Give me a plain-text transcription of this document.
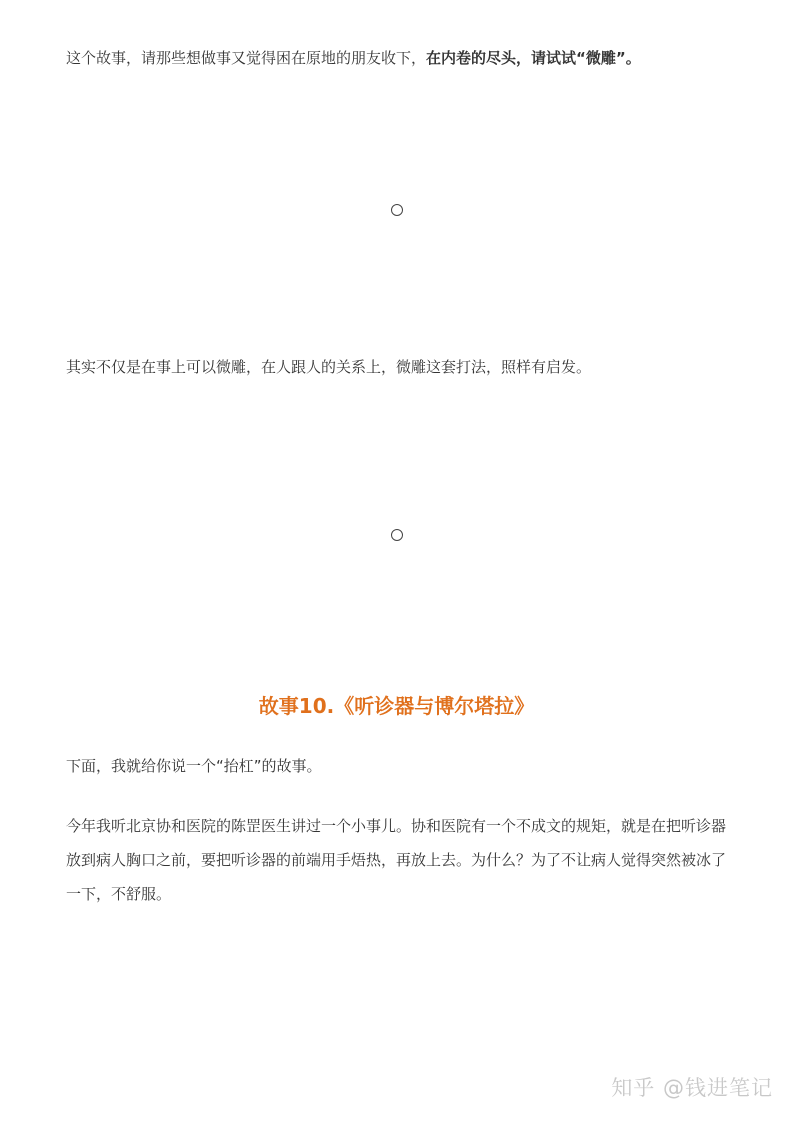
这个故事，请那些想做事又觉得困在原地的朋友收下，在内卷的尽头，请试试“微雕”。

其实不仅是在事上可以微雕，在人跟人的关系上，微雕这套打法，照样有启发。

故事10.《听诊器与博尔塔拉》

下面，我就给你说一个“抬杠”的故事。

今年我听北京协和医院的陈罡医生讲过一个小事儿。协和医院有一个不成文的规矩，就是在把听诊器放到病人胸口之前，要把听诊器的前端用手焐热，再放上去。为什么？为了不让病人觉得突然被冰了一下，不舒服。

知乎 @钱进笔记
